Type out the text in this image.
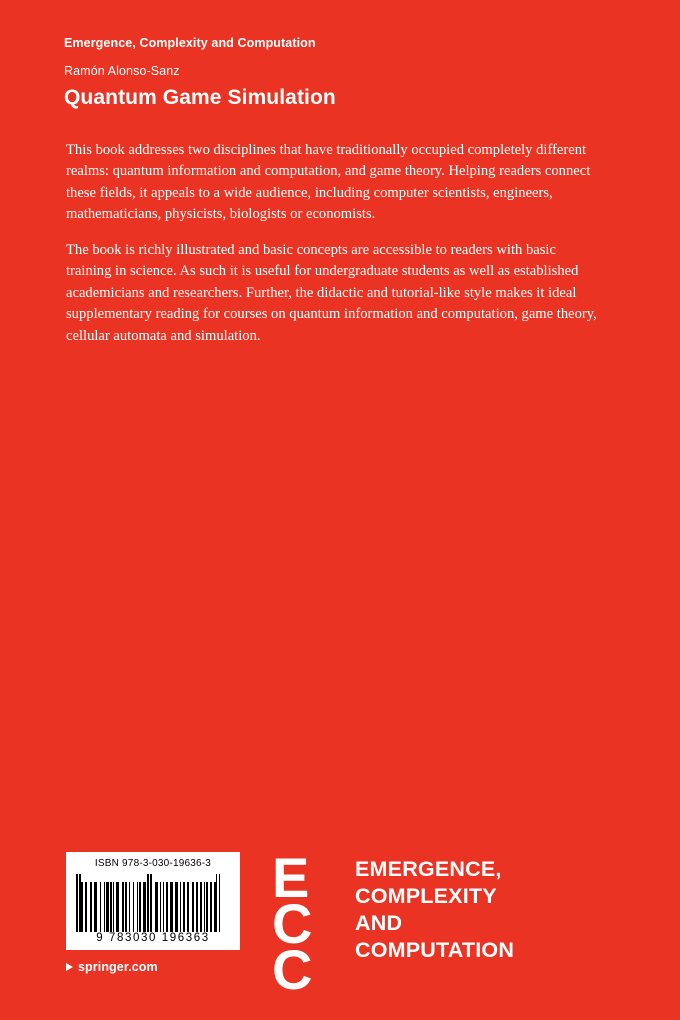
Emergence, Complexity and Computation
Ramón Alonso-Sanz
Quantum Game Simulation

This book addresses two disciplines that have traditionally occupied completely different realms: quantum information and computation, and game theory. Helping readers connect these fields, it appeals to a wide audience, including computer scientists, engineers, mathematicians, physicists, biologists or economists.

The book is richly illustrated and basic concepts are accessible to readers with basic training in science. As such it is useful for undergraduate students as well as established academicians and researchers. Further, the didactic and tutorial-like style makes it ideal supplementary reading for courses on quantum information and computation, game theory, cellular automata and simulation.

ISBN 978-3-030-19636-3
9 783030 196363
springer.com
E
C
C
EMERGENCE,
COMPLEXITY
AND
COMPUTATION
